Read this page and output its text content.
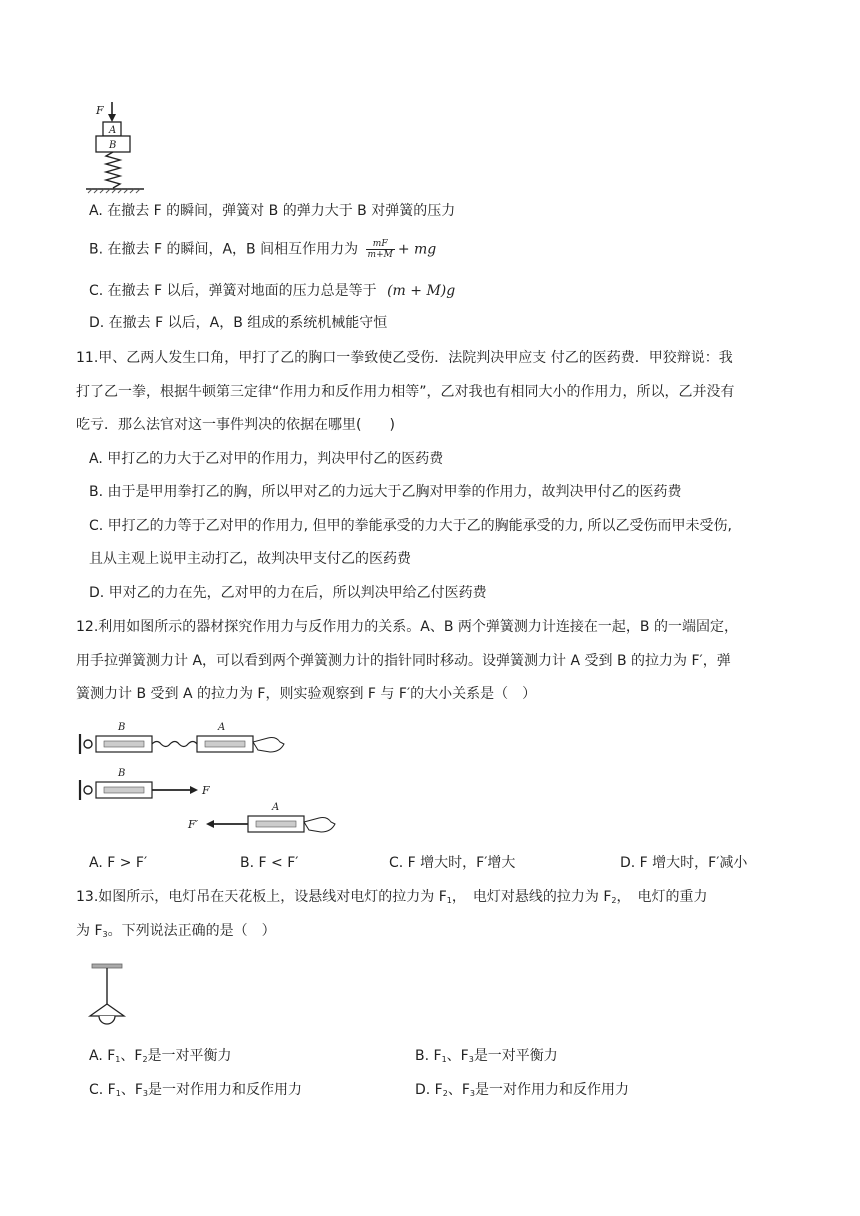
F
A
B
A. 在撤去 F 的瞬间，弹簧对 B 的弹力大于 B 对弹簧的压力
B. 在撤去 F 的瞬间，A，B 间相互作用力为 $\frac{mF}{m+M}$ + mg
C. 在撤去 F 以后，弹簧对地面的压力总是等于 (m + M)g
D. 在撤去 F 以后，A，B 组成的系统机械能守恒
11.甲、乙两人发生口角，甲打了乙的胸口一拳致使乙受伤．法院判决甲应支 付乙的医药费．甲狡辩说：我
打了乙一拳，根据牛顿第三定律“作用力和反作用力相等”，乙对我也有相同大小的作用力，所以，乙并没有
吃亏．那么法官对这一事件判决的依据在哪里(　　)
A. 甲打乙的力大于乙对甲的作用力，判决甲付乙的医药费
B. 由于是甲用拳打乙的胸，所以甲对乙的力远大于乙胸对甲拳的作用力，故判决甲付乙的医药费
C. 甲打乙的力等于乙对甲的作用力, 但甲的拳能承受的力大于乙的胸能承受的力, 所以乙受伤而甲未受伤,
且从主观上说甲主动打乙，故判决甲支付乙的医药费
D. 甲对乙的力在先，乙对甲的力在后，所以判决甲给乙付医药费
12.利用如图所示的器材探究作用力与反作用力的关系。A、B 两个弹簧测力计连接在一起，B 的一端固定，
用手拉弹簧测力计 A，可以看到两个弹簧测力计的指针同时移动。设弹簧测力计 A 受到 B 的拉力为 F′，弹
簧测力计 B 受到 A 的拉力为 F，则实验观察到 F 与 F′的大小关系是（　）
B	A
B
F
F′
A
A. F > F′	B. F < F′	C. F 增大时，F′增大	D. F 增大时，F′减小
13.如图所示，电灯吊在天花板上，设悬线对电灯的拉力为 $F_1$，　电灯对悬线的拉力为 $F_2$，　电灯的重力
为 $F_3$。下列说法正确的是（　）
A. $F_1$、$F_2$是一对平衡力	B. $F_1$、$F_3$是一对平衡力
C. $F_1$、$F_3$是一对作用力和反作用力	D. $F_2$、$F_3$是一对作用力和反作用力
